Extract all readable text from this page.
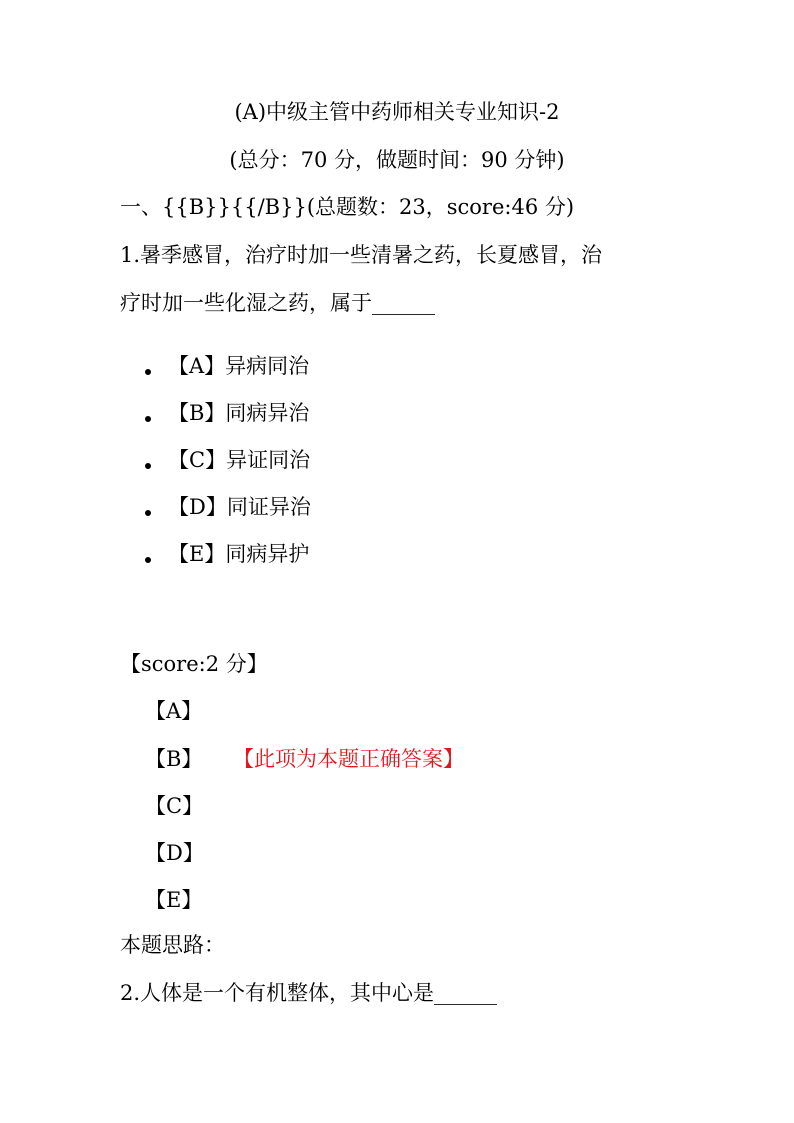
(A)中级主管中药师相关专业知识-2
(总分：70 分，做题时间：90 分钟)
一、{{B}}{{/B}}(总题数：23，score:46 分)
1.暑季感冒，治疗时加一些清暑之药，长夏感冒，治
疗时加一些化湿之药，属于______
【A】异病同治
【B】同病异治
【C】异证同治
【D】同证异治
【E】同病异护
【score:2 分】
【A】
【B】 【此项为本题正确答案】
【C】
【D】
【E】
本题思路：
2.人体是一个有机整体，其中心是______
